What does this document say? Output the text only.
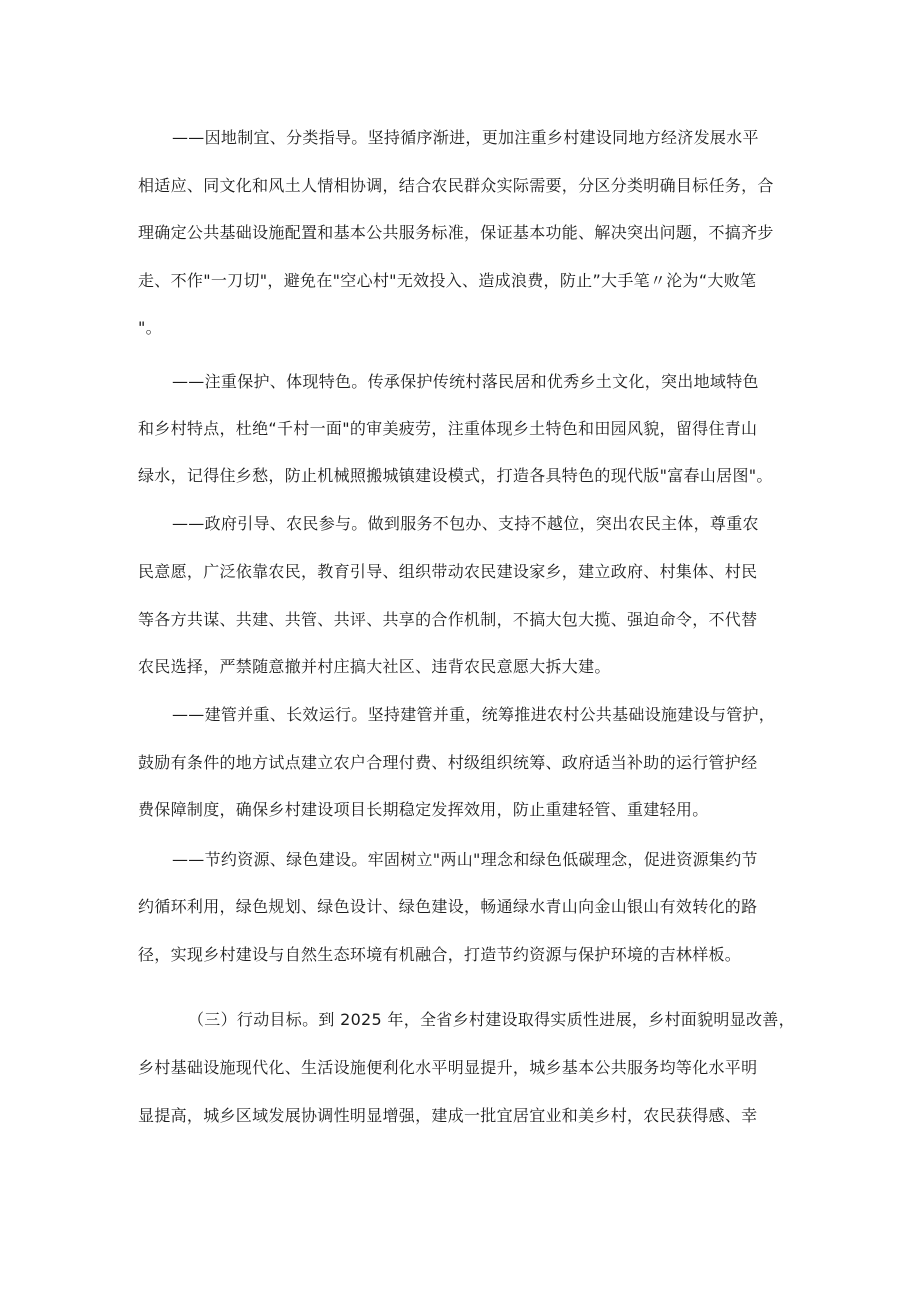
——因地制宜、分类指导。坚持循序渐进，更加注重乡村建设同地方经济发展水平
相适应、同文化和风土人情相协调，结合农民群众实际需要，分区分类明确目标任务，合
理确定公共基础设施配置和基本公共服务标准，保证基本功能、解决突出问题，不搞齐步
走、不作"一刀切"，避免在"空心村"无效投入、造成浪费，防止”大手笔〃沦为“大败笔
"。
——注重保护、体现特色。传承保护传统村落民居和优秀乡土文化，突出地域特色
和乡村特点，杜绝“千村一面"的审美疲劳，注重体现乡土特色和田园风貌，留得住青山
绿水，记得住乡愁，防止机械照搬城镇建设模式，打造各具特色的现代版"富春山居图"。
——政府引导、农民参与。做到服务不包办、支持不越位，突出农民主体，尊重农
民意愿，广泛依靠农民，教育引导、组织带动农民建设家乡，建立政府、村集体、村民
等各方共谋、共建、共管、共评、共享的合作机制，不搞大包大揽、强迫命令，不代替
农民选择，严禁随意撤并村庄搞大社区、违背农民意愿大拆大建。
——建管并重、长效运行。坚持建管并重，统筹推进农村公共基础设施建设与管护，
鼓励有条件的地方试点建立农户合理付费、村级组织统筹、政府适当补助的运行管护经
费保障制度，确保乡村建设项目长期稳定发挥效用，防止重建轻管、重建轻用。
——节约资源、绿色建设。牢固树立"两山"理念和绿色低碳理念，促进资源集约节
约循环利用，绿色规划、绿色设计、绿色建设，畅通绿水青山向金山银山有效转化的路
径，实现乡村建设与自然生态环境有机融合，打造节约资源与保护环境的吉林样板。
（三）行动目标。到 2025 年，全省乡村建设取得实质性进展，乡村面貌明显改善，
乡村基础设施现代化、生活设施便利化水平明显提升，城乡基本公共服务均等化水平明
显提高，城乡区域发展协调性明显增强，建成一批宜居宜业和美乡村，农民获得感、幸
